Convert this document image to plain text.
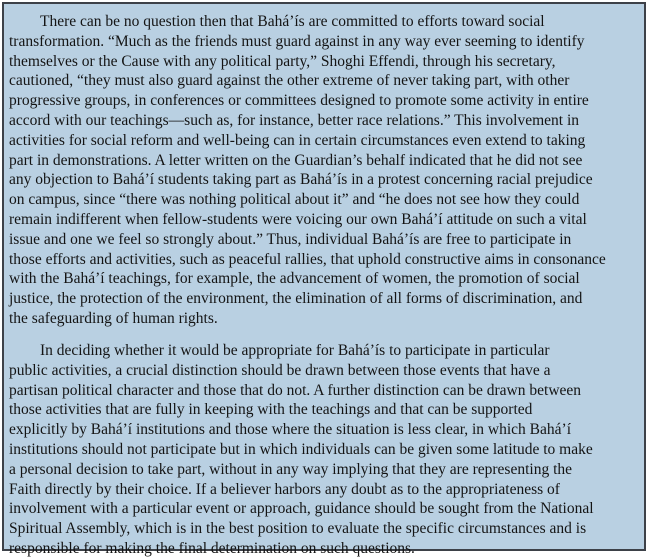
There can be no question then that Bahá’ís are committed to efforts toward social
transformation. “Much as the friends must guard against in any way ever seeming to identify
themselves or the Cause with any political party,” Shoghi Effendi, through his secretary,
cautioned, “they must also guard against the other extreme of never taking part, with other
progressive groups, in conferences or committees designed to promote some activity in entire
accord with our teachings—such as, for instance, better race relations.” This involvement in
activities for social reform and well-being can in certain circumstances even extend to taking
part in demonstrations. A letter written on the Guardian’s behalf indicated that he did not see
any objection to Bahá’í students taking part as Bahá’ís in a protest concerning racial prejudice
on campus, since “there was nothing political about it” and “he does not see how they could
remain indifferent when fellow-students were voicing our own Bahá’í attitude on such a vital
issue and one we feel so strongly about.” Thus, individual Bahá’ís are free to participate in
those efforts and activities, such as peaceful rallies, that uphold constructive aims in consonance
with the Bahá’í teachings, for example, the advancement of women, the promotion of social
justice, the protection of the environment, the elimination of all forms of discrimination, and
the safeguarding of human rights.
In deciding whether it would be appropriate for Bahá’ís to participate in particular
public activities, a crucial distinction should be drawn between those events that have a
partisan political character and those that do not. A further distinction can be drawn between
those activities that are fully in keeping with the teachings and that can be supported
explicitly by Bahá’í institutions and those where the situation is less clear, in which Bahá’í
institutions should not participate but in which individuals can be given some latitude to make
a personal decision to take part, without in any way implying that they are representing the
Faith directly by their choice. If a believer harbors any doubt as to the appropriateness of
involvement with a particular event or approach, guidance should be sought from the National
Spiritual Assembly, which is in the best position to evaluate the specific circumstances and is
responsible for making the final determination on such questions.
